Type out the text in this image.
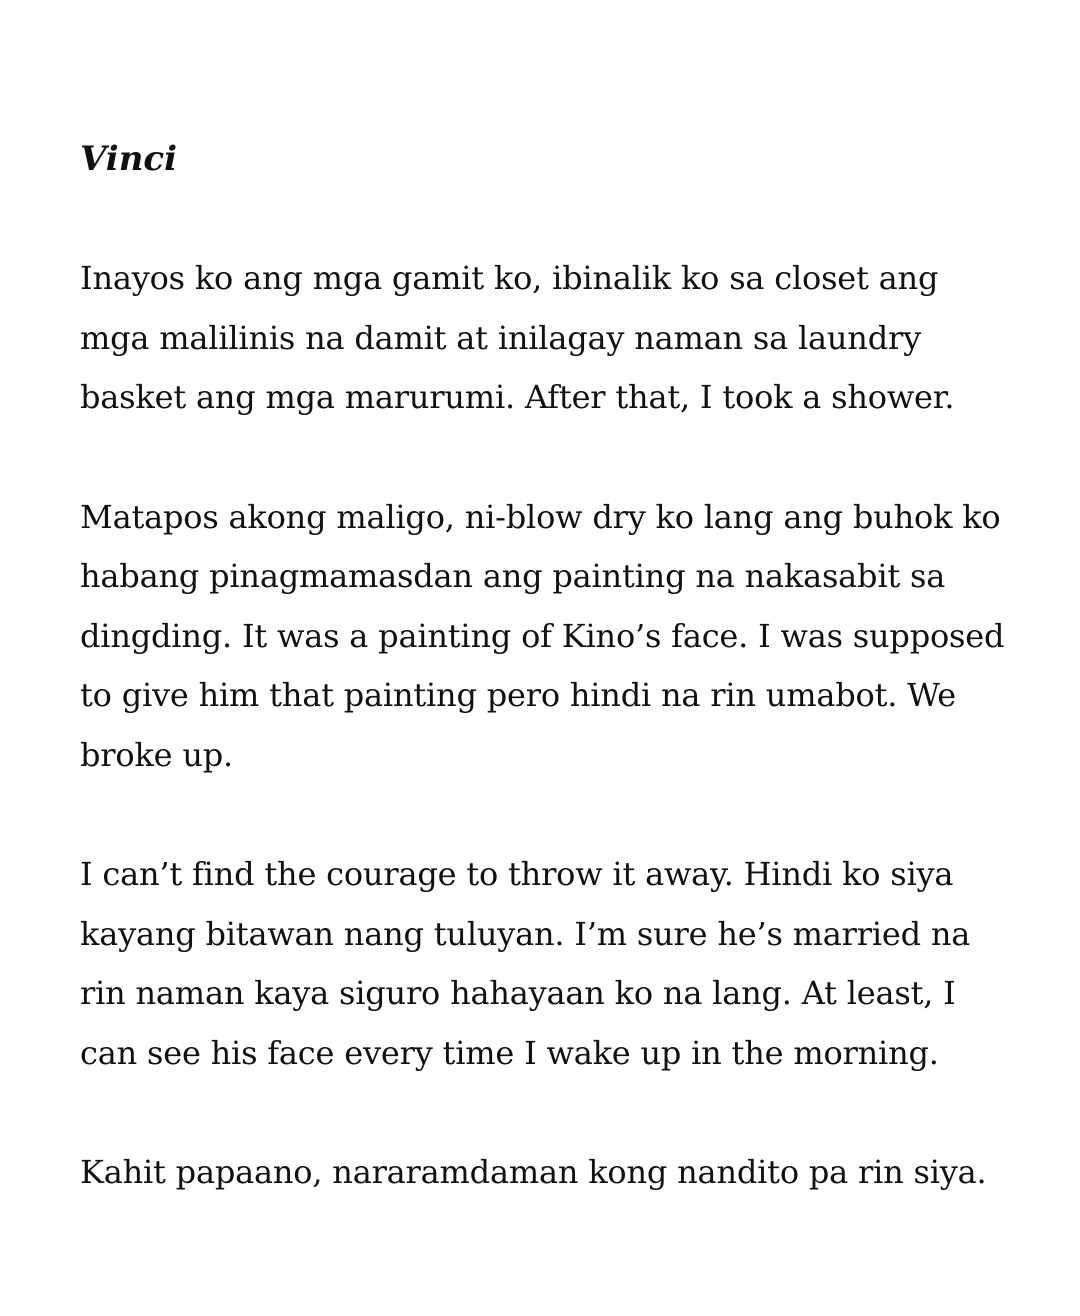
Vinci

Inayos ko ang mga gamit ko, ibinalik ko sa closet ang
mga malilinis na damit at inilagay naman sa laundry
basket ang mga marurumi. After that, I took a shower.

Matapos akong maligo, ni-blow dry ko lang ang buhok ko
habang pinagmamasdan ang painting na nakasabit sa
dingding. It was a painting of Kino’s face. I was supposed
to give him that painting pero hindi na rin umabot. We
broke up.

I can’t find the courage to throw it away. Hindi ko siya
kayang bitawan nang tuluyan. I’m sure he’s married na
rin naman kaya siguro hahayaan ko na lang. At least, I
can see his face every time I wake up in the morning.

Kahit papaano, nararamdaman kong nandito pa rin siya.
